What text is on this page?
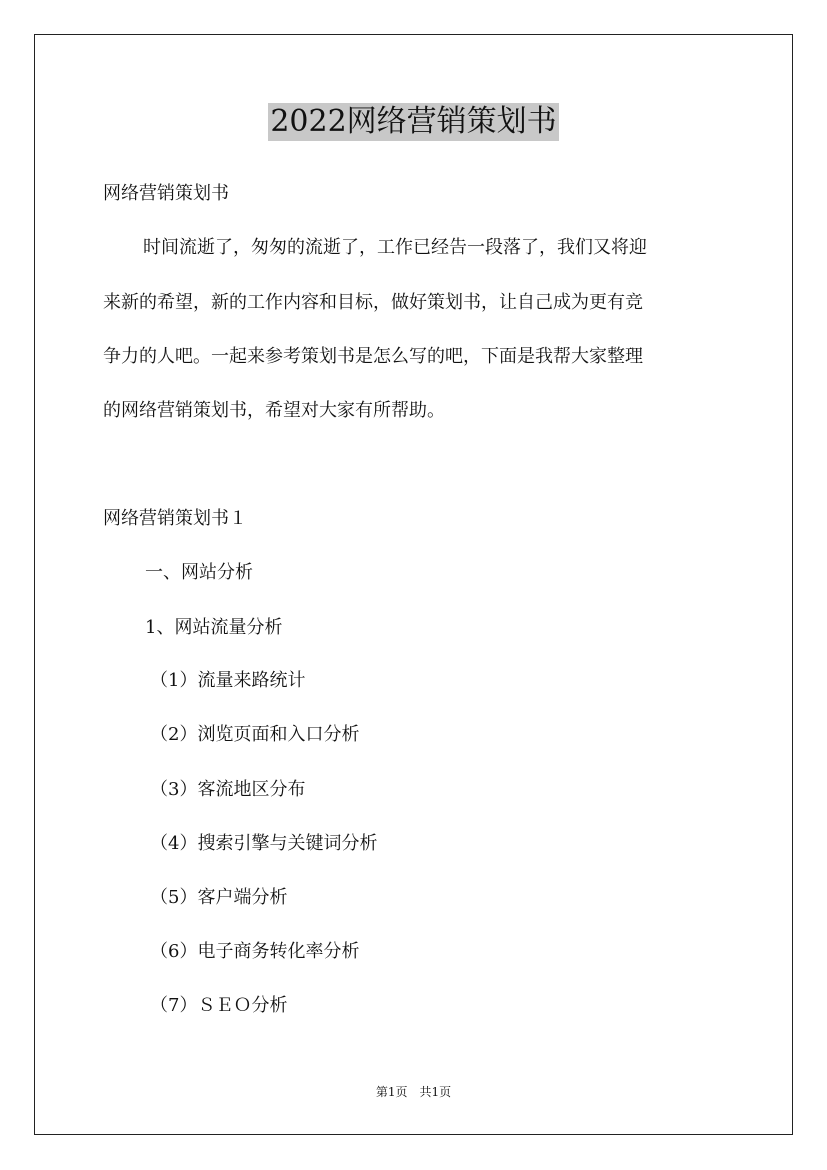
2022网络营销策划书
网络营销策划书
时间流逝了，匆匆的流逝了，工作已经告一段落了，我们又将迎
来新的希望，新的工作内容和目标，做好策划书，让自己成为更有竞
争力的人吧。一起来参考策划书是怎么写的吧，下面是我帮大家整理
的网络营销策划书，希望对大家有所帮助。
网络营销策划书１
一、网站分析
1、网站流量分析
（1）流量来路统计
（2）浏览页面和入口分析
（3）客流地区分布
（4）搜索引擎与关键词分析
（5）客户端分析
（6）电子商务转化率分析
（7）ＳＥＯ分析
第1页　共1页
